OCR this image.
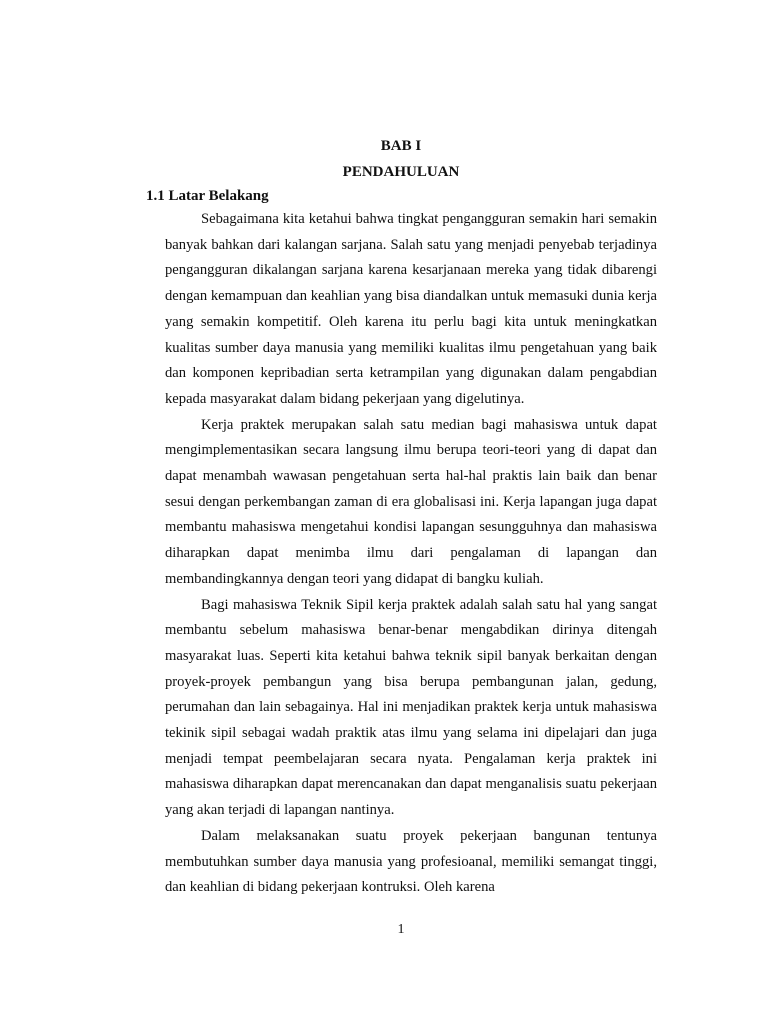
BAB I
PENDAHULUAN
1.1 Latar Belakang

Sebagaimana kita ketahui bahwa tingkat pengangguran semakin hari semakin banyak bahkan dari kalangan sarjana. Salah satu yang menjadi penyebab terjadinya pengangguran dikalangan sarjana karena kesarjanaan mereka yang tidak dibarengi dengan kemampuan dan keahlian yang bisa diandalkan untuk memasuki dunia kerja yang semakin kompetitif. Oleh karena itu perlu bagi kita untuk meningkatkan kualitas sumber daya manusia yang memiliki kualitas ilmu pengetahuan yang baik dan komponen kepribadian serta ketrampilan yang digunakan dalam pengabdian kepada masyarakat dalam bidang pekerjaan yang digelutinya.

Kerja praktek merupakan salah satu median bagi mahasiswa untuk dapat mengimplementasikan secara langsung ilmu berupa teori-teori yang di dapat dan dapat menambah wawasan pengetahuan serta hal-hal praktis lain baik dan benar sesui dengan perkembangan zaman di era globalisasi ini. Kerja lapangan juga dapat membantu mahasiswa mengetahui kondisi lapangan sesungguhnya dan mahasiswa diharapkan dapat menimba ilmu dari pengalaman di lapangan dan membandingkannya dengan teori yang didapat di bangku kuliah.

Bagi mahasiswa Teknik Sipil kerja praktek adalah salah satu hal yang sangat membantu sebelum mahasiswa benar-benar mengabdikan dirinya ditengah masyarakat luas. Seperti kita ketahui bahwa teknik sipil banyak berkaitan dengan proyek-proyek pembangun yang bisa berupa pembangunan jalan, gedung, perumahan dan lain sebagainya. Hal ini menjadikan praktek kerja untuk mahasiswa tekinik sipil sebagai wadah praktik atas ilmu yang selama ini dipelajari dan juga menjadi tempat peembelajaran secara nyata. Pengalaman kerja praktek ini mahasiswa diharapkan dapat merencanakan dan dapat menganalisis suatu pekerjaan yang akan terjadi di lapangan nantinya.

Dalam melaksanakan suatu proyek pekerjaan bangunan tentunya membutuhkan sumber daya manusia yang profesioanal, memiliki semangat tinggi, dan keahlian di bidang pekerjaan kontruksi. Oleh karena

1
